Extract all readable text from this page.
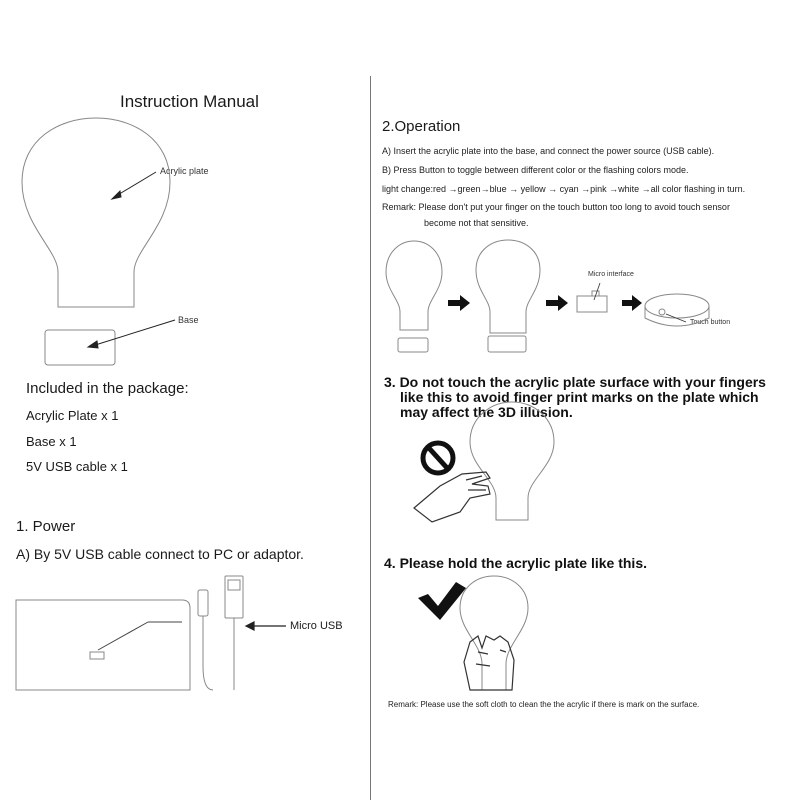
Instruction Manual
Acrylic plate
Base
Included in the package:
Acrylic Plate x 1
Base x 1
5V USB cable x 1
1. Power
A) By 5V USB cable connect to PC or adaptor.
Micro USB
2.Operation
A) Insert the acrylic plate into the base, and connect the power source (USB cable).
B) Press Button to toggle between different color or the flashing colors mode.
light change:red →green→blue → yellow → cyan →pink →white →all color flashing in turn.
Remark: Please don't put your finger on the touch button too long to avoid touch sensor
become not that sensitive.
Micro interface
Touch button
3. Do not touch the acrylic plate surface with your fingers
like this to avoid finger print marks on the plate which
may affect the 3D illusion.
4. Please hold the acrylic plate like this.
Remark: Please use the soft cloth to clean the the acrylic if there is mark on the surface.
